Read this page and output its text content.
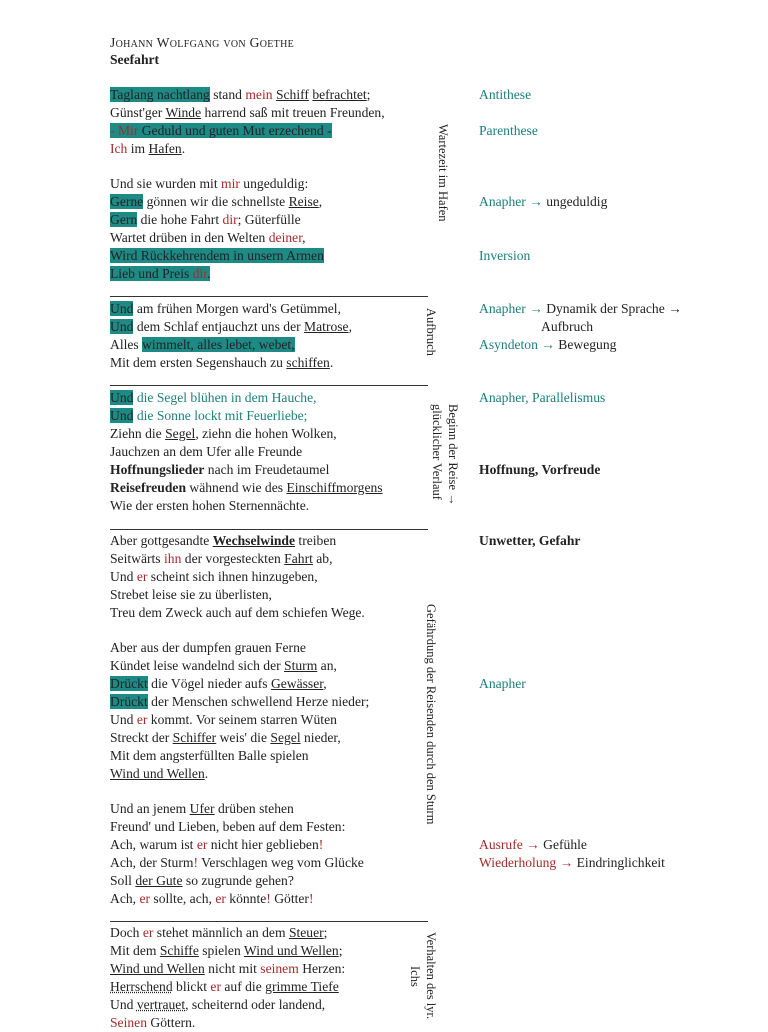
Johann Wolfgang von Goethe
Seefahrt
Taglang nachtlang stand mein Schiff befrachtet;
Günst'ger Winde harrend saß mit treuen Freunden,
- Mir Geduld und guten Mut erzechend -
Ich im Hafen.
Und sie wurden mit mir ungeduldig:
Gerne gönnen wir die schnellste Reise,
Gern die hohe Fahrt dir; Güterfülle
Wartet drüben in den Welten deiner,
Wird Rückkehrendem in unsern Armen
Lieb und Preis dir.
Und am frühen Morgen ward's Getümmel,
Und dem Schlaf entjauchzt uns der Matrose,
Alles wimmelt, alles lebet, webet,
Mit dem ersten Segenshauch zu schiffen.
Und die Segel blühen in dem Hauche,
Und die Sonne lockt mit Feuerliebe;
Ziehn die Segel, ziehn die hohen Wolken,
Jauchzen an dem Ufer alle Freunde
Hoffnungslieder nach im Freudetaumel
Reisefreuden wähnend wie des Einschiffmorgens
Wie der ersten hohen Sternennächte.
Aber gottgesandte Wechselwinde treiben
Seitwärts ihn der vorgesteckten Fahrt ab,
Und er scheint sich ihnen hinzugeben,
Strebet leise sie zu überlisten,
Treu dem Zweck auch auf dem schiefen Wege.
Aber aus der dumpfen grauen Ferne
Kündet leise wandelnd sich der Sturm an,
Drückt die Vögel nieder aufs Gewässer,
Drückt der Menschen schwellend Herze nieder;
Und er kommt. Vor seinem starren Wüten
Streckt der Schiffer weis' die Segel nieder,
Mit dem angsterfüllten Balle spielen
Wind und Wellen.
Und an jenem Ufer drüben stehen
Freund' und Lieben, beben auf dem Festen:
Ach, warum ist er nicht hier geblieben!
Ach, der Sturm! Verschlagen weg vom Glücke
Soll der Gute so zugrunde gehen?
Ach, er sollte, ach, er könnte! Götter!
Doch er stehet männlich an dem Steuer;
Mit dem Schiffe spielen Wind und Wellen;
Wind und Wellen nicht mit seinem Herzen:
Herrschend blickt er auf die grimme Tiefe
Und vertrauet, scheiternd oder landend,
Seinen Göttern.
Wartezeit im Hafen
Aufbruch
Beginn der Reise →
glücklicher Verlauf
Gefährdung der Reisenden durch den Sturm
Verhalten des lyr.
Ichs
Antithese
Parenthese
Anapher → ungeduldig
Inversion
Anapher → Dynamik der Sprache →
Aufbruch
Asyndeton → Bewegung
Anapher, Parallelismus
Hoffnung, Vorfreude
Unwetter, Gefahr
Anapher
Ausrufe → Gefühle
Wiederholung → Eindringlichkeit
